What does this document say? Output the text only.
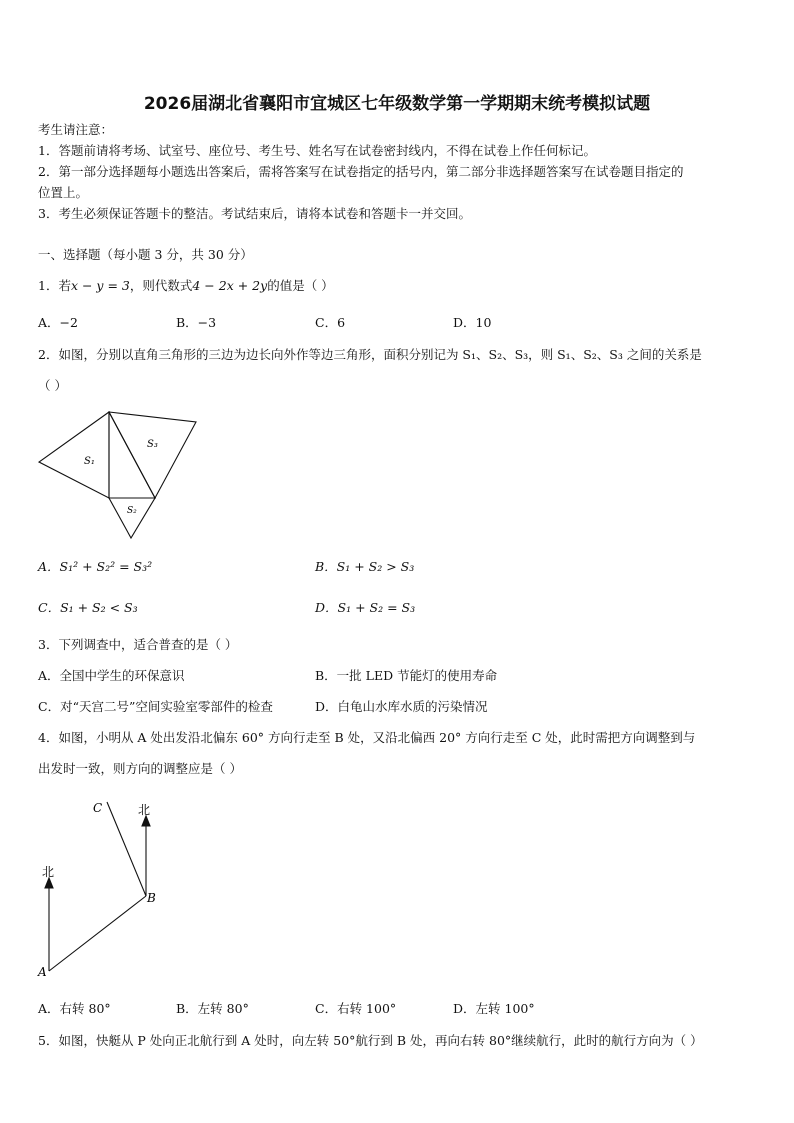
2026届湖北省襄阳市宜城区七年级数学第一学期期末统考模拟试题
考生请注意：
1．答题前请将考场、试室号、座位号、考生号、姓名写在试卷密封线内，不得在试卷上作任何标记。
2．第一部分选择题每小题选出答案后，需将答案写在试卷指定的括号内，第二部分非选择题答案写在试卷题目指定的
位置上。
3．考生必须保证答题卡的整洁。考试结束后，请将本试卷和答题卡一并交回。
一、选择题（每小题 3 分，共 30 分）
1．若x − y = 3，则代数式4 − 2x + 2y的值是（ ）
A．−2	B．−3	C．6	D．10
2．如图，分别以直角三角形的三边为边长向外作等边三角形，面积分别记为 S₁、S₂、S₃，则 S₁、S₂、S₃ 之间的关系是
（ ）
S₁
S₃
S₂
A．S₁² + S₂² = S₃²	B．S₁ + S₂ > S₃
C．S₁ + S₂ < S₃	D．S₁ + S₂ = S₃
3．下列调查中，适合普查的是（ ）
A．全国中学生的环保意识	B．一批 LED 节能灯的使用寿命
C．对“天宫二号”空间实验室零部件的检查	D．白龟山水库水质的污染情况
4．如图，小明从 A 处出发沿北偏东 60° 方向行走至 B 处，又沿北偏西 20° 方向行走至 C 处，此时需把方向调整到与
出发时一致，则方向的调整应是（ ）
A
B
C
北
北
A．右转 80°	B．左转 80°	C．右转 100°	D．左转 100°
5．如图，快艇从 P 处向正北航行到 A 处时，向左转 50°航行到 B 处，再向右转 80°继续航行，此时的航行方向为（ ）
